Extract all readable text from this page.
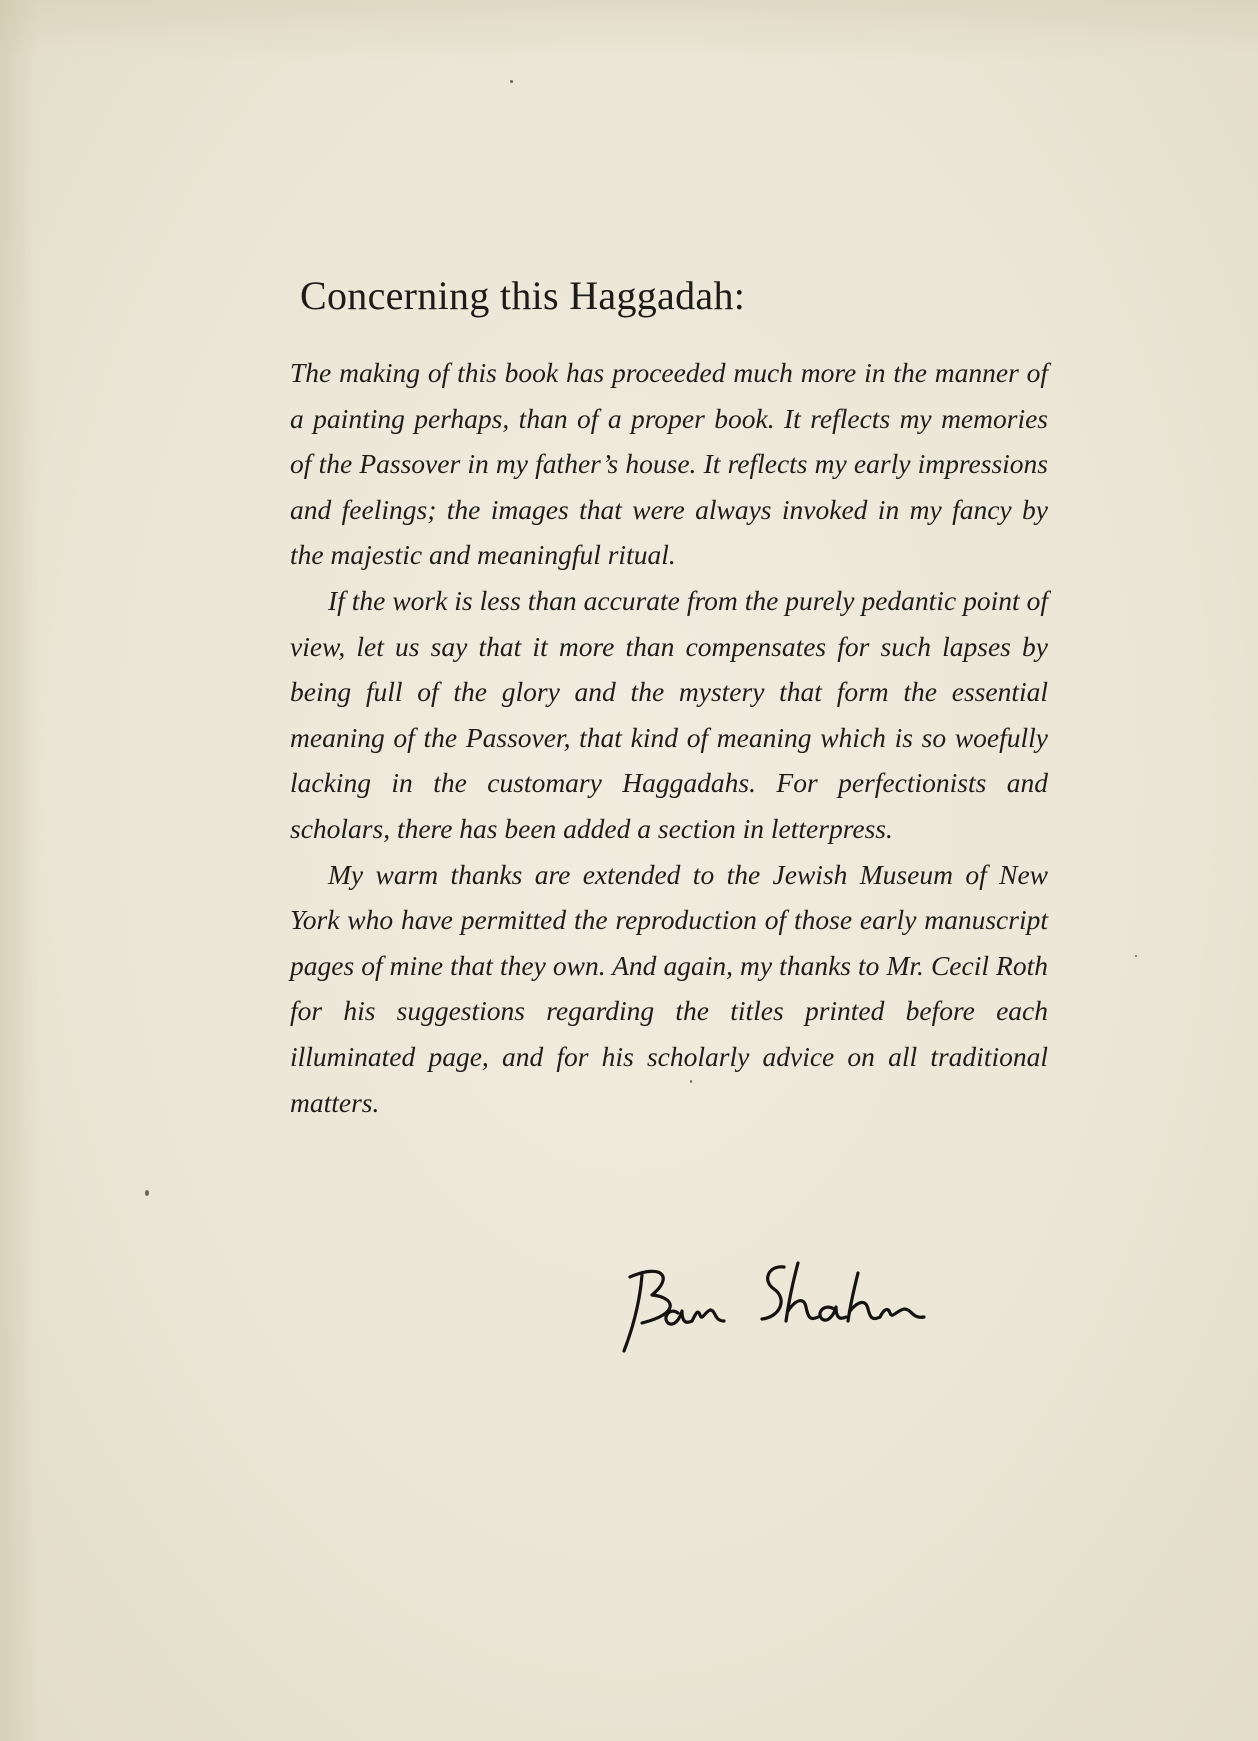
Concerning this Haggadah:

The making of this book has proceeded much more in the manner of a painting perhaps, than of a proper book. It reflects my memories of the Passover in my father’s house. It reflects my early impressions and feelings; the images that were always invoked in my fancy by the majestic and meaningful ritual.

If the work is less than accurate from the purely pedantic point of view, let us say that it more than compensates for such lapses by being full of the glory and the mystery that form the essential meaning of the Passover, that kind of meaning which is so woefully lacking in the customary Haggadahs. For perfectionists and scholars, there has been added a section in letterpress.

My warm thanks are extended to the Jewish Museum of New York who have permitted the reproduction of those early manuscript pages of mine that they own. And again, my thanks to Mr. Cecil Roth for his suggestions regarding the titles printed before each illuminated page, and for his scholarly advice on all traditional matters.
